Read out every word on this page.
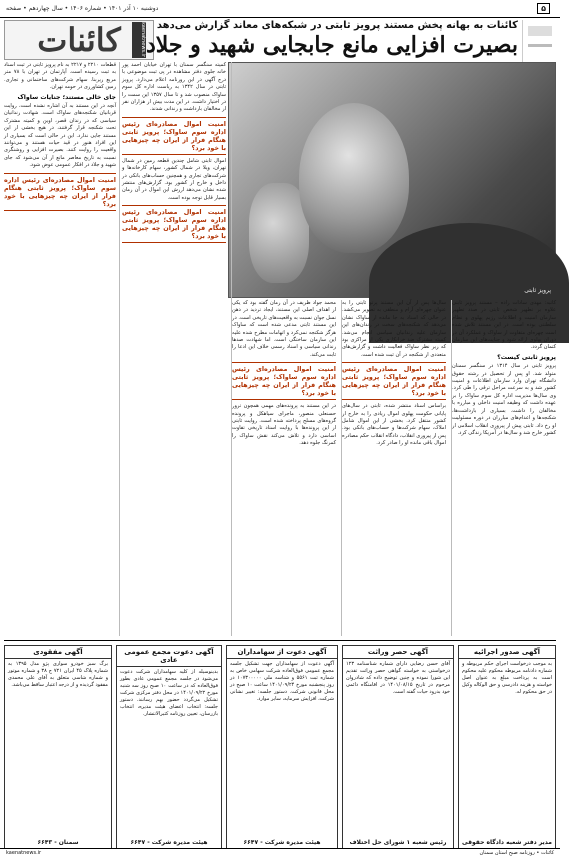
۵
دوشنبه ۱۰ آذر ۱۴۰۱ • شماره ۱۴۰۶ • سال چهاردهم • صفحه
کائنات	kaenatnews.ir کائنات به بهانه پخش مستند پرویز ثابتی در شبکه‌های معاند گزارش می‌دهد
بصیرت افزایی مانع جابجایی شهید و جلاد
پرویز ثابتی

کاتبه: مهدی سادات زاده – مستند پرویز ثابتی علاوه بر تطهیر شخص ثابتی در صدد تطهیر سازمان امنیت و اطلاعات رژیم پهلوی و نظام سلطنتی بوده است. در این مستند تلاش شده است چهره‌ای متفاوت از ساواک و عملکرد آن در دوران پهلوی ارائه شود و جنایت‌های این سازمان کتمان گردد.

پرویز ثابتی کیست؟

پرویز ثابتی در سال ۱۳۱۴ در سنگسر سمنان متولد شد. او پس از تحصیل در رشته حقوق دانشگاه تهران وارد سازمان اطلاعات و امنیت کشور شد و به سرعت مراحل ترقی را طی کرد. وی سال‌ها مدیریت اداره کل سوم ساواک را بر عهده داشت که وظیفه امنیت داخلی و مبارزه با مخالفان را داشت. بسیاری از بازداشت‌ها، شکنجه‌ها و اعدام‌های مبارزان در دوره مسئولیت او رخ داد. ثابتی پیش از پیروزی انقلاب اسلامی از کشور خارج شد و سال‌ها در آمریکا زندگی کرد.

سال‌ها پس از آن این مستند پرتو ثابتی را به عنوان چهره‌ای آرام و منطقی به تصویر می‌کشد. در حالی که اسناد به جا مانده از ساواک نشان می‌دهد که شکنجه‌های سخت در زندان‌های این سازمان علیه زندانیان سیاسی انجام می‌شد. کمیته مشترک ضد خرابکاری یکی از مراکزی بود که زیر نظر ساواک فعالیت داشت و گزارش‌های متعددی از شکنجه در آن ثبت شده است.

امنیت اموال مصادره‌ای رئیس اداره سوم ساواک؛ پرویز ثابتی هنگام فرار از ایران چه چیزهایی با خود برد؟

براساس اسناد منتشر شده، ثابتی در سال‌های پایانی حکومت پهلوی اموال زیادی را به خارج از کشور منتقل کرد. بخشی از این اموال شامل املاک، سهام شرکت‌ها و حساب‌های بانکی بود. پس از پیروزی انقلاب، دادگاه انقلاب حکم مصادره اموال باقی مانده او را صادر کرد.

محمد جواد ظریف در آن زمان گفته بود که یکی از اهداف اصلی این مستند، ایجاد تردید در ذهن نسل جوان نسبت به واقعیت‌های تاریخی است. در این مستند ثابتی مدعی شده است که ساواک هرگز شکنجه نمی‌کرد و اتهامات مطرح شده علیه این سازمان ساختگی است. اما شهادت صدها زندانی سیاسی و اسناد رسمی خلاف این ادعا را ثابت می‌کند.

امنیت اموال مصادره‌ای رئیس اداره سوم ساواک؛ پرویز ثابتی هنگام فرار از ایران چه چیزهایی با خود برد؟

در این مستند به پرونده‌های مهمی همچون ترور حسنعلی منصور، ماجرای سیاهکل و پرونده گروه‌های مسلح پرداخته شده است. روایت ثابتی از این پرونده‌ها با روایت اسناد تاریخی تفاوت اساسی دارد و تلاش می‌کند نقش ساواک را کمرنگ جلوه دهد.

کمیته سنگسر سمنان با تهران خیابان احمد پور خانه جلوی دفتر مشاهده در پی ثبت موضوعی با درج آگهی در این روزنامه اعلام می‌دارد. پرویز ثابتی در سال ۱۳۴۲ به ریاست اداره کل سوم ساواک منصوب شد و تا سال ۱۳۵۷ این سمت را در اختیار داشت. در این مدت بیش از هزاران نفر از مخالفان بازداشت و زندانی شدند.

امنیت اموال مصادره‌ای رئیس اداره سوم ساواک؛ پرویز ثابتی هنگام فرار از ایران چه چیزهایی با خود برد؟

اموال ثابتی شامل چندین قطعه زمین در شمال تهران، ویلا در شمال کشور، سهام کارخانه‌ها و شرکت‌های تجاری و همچنین حساب‌های بانکی در داخل و خارج از کشور بود. گزارش‌های منتشر شده نشان می‌دهد ارزش این اموال در آن زمان بسیار قابل توجه بوده است.

امنیت اموال مصادره‌ای رئیس اداره سوم ساواک؛ پرویز ثابتی هنگام فرار از ایران چه چیزهایی با خود برد؟

قطعات ۲۲۱۰ و ۲۲۱۷ به نام پرویز ثابتی در ثبت اسناد به ثبت رسیده است. آپارتمان در تهران با ۷۸ متر مربع زیربنا. سهام شرکت‌های ساختمانی و تجاری. زمین کشاورزی در حومه تهران.

جای خالی مستند؛ جنایات ساواک

آنچه در این مستند به آن اشاره نشده است، روایت قربانیان شکنجه‌های ساواک است. شهادت زندانیان سیاسی که در زندان قصر، اوین و کمیته مشترک تحت شکنجه قرار گرفتند، در هیچ بخشی از این مستند جایی ندارد. این در حالی است که بسیاری از این افراد هنوز در قید حیات هستند و می‌توانند واقعیت را روایت کنند. بصیرت افزایی و روشنگری نسبت به تاریخ معاصر مانع از آن می‌شود که جای شهید و جلاد در افکار عمومی عوض شود.

امنیت اموال مصادره‌ای رئیس اداره سوم ساواک؛ پرویز ثابتی هنگام فرار از ایران چه چیزهایی با خود برد؟
آگهی صدور اجرائیه
به موجب درخواست اجرای حکم مربوطه و شماره دادنامه مربوطه محکوم علیه محکوم است به پرداخت مبلغ به عنوان اصل خواسته و هزینه دادرسی و حق الوکاله وکیل در حق محکوم له.
مدیر دفتر شعبه دادگاه حقوقی
آگهی حصر وراثت
آقای حسن رضایی دارای شماره شناسنامه ۱۲۳ درخواستی به خواسته گواهی حصر وراثت تقدیم این شورا نموده و چنین توضیح داده که شادروان مرحوم در تاریخ ۱۴۰۱/۰۸/۱۵ در اقامتگاه دائمی خود بدرود حیات گفته است.
رئیس شعبه ۱ شورای حل اختلاف
آگهی دعوت از سهامداران
آگهی دعوت از سهامداران جهت تشکیل جلسه مجمع عمومی فوق‌العاده شرکت سهامی خاص به شماره ثبت ۵۵۶۱ و شناسه ملی ۱۰۷۳۰۰۰۰۰ در روز پنجشنبه مورخ ۱۴۰۱/۰۹/۲۴ ساعت ۱۰ صبح در محل قانونی شرکت. دستور جلسه: تغییر نشانی شرکت، افزایش سرمایه، سایر موارد.
هیئت مدیره شرکت - ۶۶۴۷
آگهی دعوت مجمع عمومی عادی
بدینوسیله از کلیه سهامداران شرکت دعوت می‌شود در جلسه مجمع عمومی عادی بطور فوق‌العاده که در ساعت ۱۰ صبح روز سه شنبه مورخ ۱۴۰۱/۰۹/۲۲ در محل دفتر مرکزی شرکت تشکیل می‌گردد حضور بهم رسانند. دستور جلسه: انتخاب اعضای هیئت مدیره، انتخاب بازرسان، تعیین روزنامه کثیرالانتشار.
هیئت مدیره شرکت - ۶۶۴۷
آگهی مفقودی
برگ سبز خودرو سواری پژو مدل ۱۳۹۵ به شماره پلاک ۴۵ ایران ۷۲۱ ج ۳۸ و شماره موتور و شماره شاسی متعلق به آقای علی محمدی مفقود گردیده و از درجه اعتبار ساقط می‌باشد.
سمنان - ۶۶۴۳
کائنات • روزنامه صبح استان سمنان
kaenatnews.ir
